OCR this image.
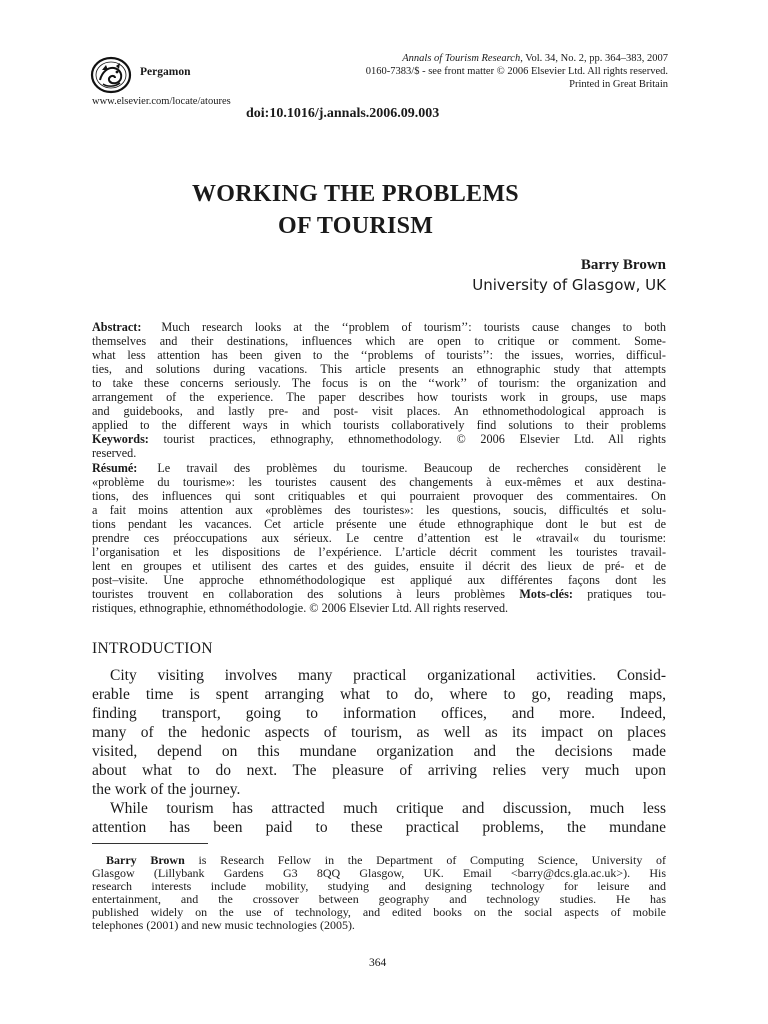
Pergamon
Annals of Tourism Research, Vol. 34, No. 2, pp. 364–383, 2007
0160-7383/$ - see front matter © 2006 Elsevier Ltd. All rights reserved.
Printed in Great Britain
www.elsevier.com/locate/atoures
doi:10.1016/j.annals.2006.09.003
WORKING THE PROBLEMS
OF TOURISM
Barry Brown
University of Glasgow, UK
Abstract: Much research looks at the ‘‘problem of tourism’’: tourists cause changes to both
themselves and their destinations, influences which are open to critique or comment. Some-
what less attention has been given to the ‘‘problems of tourists’’: the issues, worries, difficul-
ties, and solutions during vacations. This article presents an ethnographic study that attempts
to take these concerns seriously. The focus is on the ‘‘work’’ of tourism: the organization and
arrangement of the experience. The paper describes how tourists work in groups, use maps
and guidebooks, and lastly pre- and post- visit places. An ethnomethodological approach is
applied to the different ways in which tourists collaboratively find solutions to their problems
Keywords: tourist practices, ethnography, ethnomethodology. © 2006 Elsevier Ltd. All rights
reserved.
Résumé: Le travail des problèmes du tourisme. Beaucoup de recherches considèrent le
«problème du tourisme»: les touristes causent des changements à eux-mêmes et aux destina-
tions, des influences qui sont critiquables et qui pourraient provoquer des commentaires. On
a fait moins attention aux «problèmes des touristes»: les questions, soucis, difficultés et solu-
tions pendant les vacances. Cet article présente une étude ethnographique dont le but est de
prendre ces préoccupations aux sérieux. Le centre d’attention est le «travail« du tourisme:
l’organisation et les dispositions de l’expérience. L’article décrit comment les touristes travail-
lent en groupes et utilisent des cartes et des guides, ensuite il décrit des lieux de pré- et de
post–visite. Une approche ethnométhodologique est appliqué aux différentes façons dont les
touristes trouvent en collaboration des solutions à leurs problèmes Mots-clés: pratiques tou-
ristiques, ethnographie, ethnométhodologie. © 2006 Elsevier Ltd. All rights reserved.
INTRODUCTION
City visiting involves many practical organizational activities. Consid-
erable time is spent arranging what to do, where to go, reading maps,
finding transport, going to information offices, and more. Indeed,
many of the hedonic aspects of tourism, as well as its impact on places
visited, depend on this mundane organization and the decisions made
about what to do next. The pleasure of arriving relies very much upon
the work of the journey.
While tourism has attracted much critique and discussion, much less
attention has been paid to these practical problems, the mundane
Barry Brown is Research Fellow in the Department of Computing Science, University of
Glasgow (Lillybank Gardens G3 8QQ Glasgow, UK. Email <barry@dcs.gla.ac.uk>). His
research interests include mobility, studying and designing technology for leisure and
entertainment, and the crossover between geography and technology studies. He has
published widely on the use of technology, and edited books on the social aspects of mobile
telephones (2001) and new music technologies (2005).
364
